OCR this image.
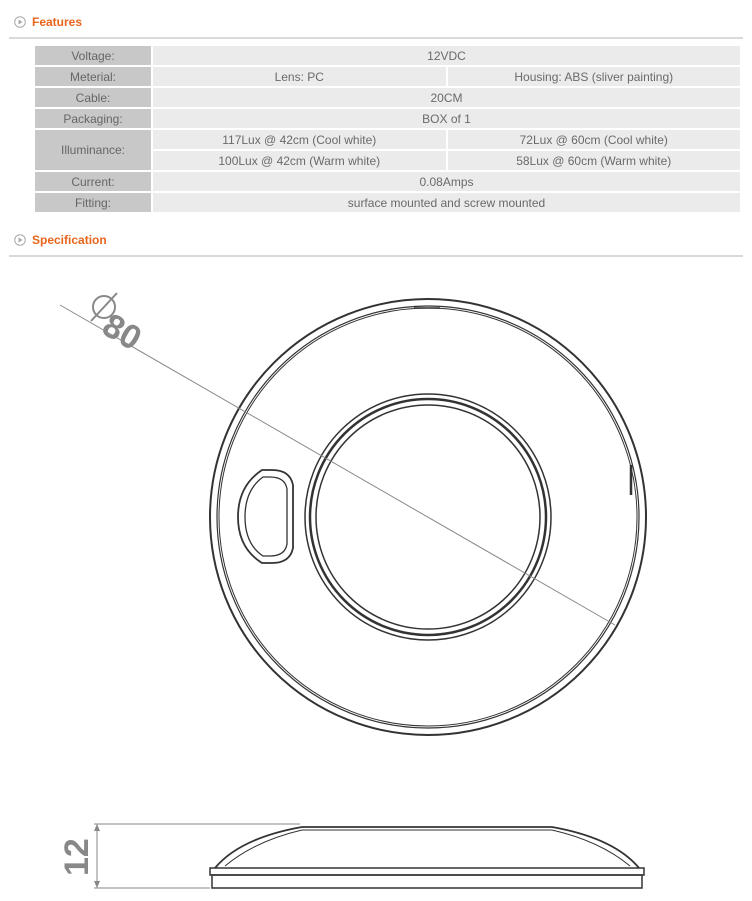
Features
Voltage:	12VDC	
Meterial:	Lens: PC	Housing: ABS (sliver painting)
Cable:	20CM	
Packaging:	BOX of 1	
Illuminance:	117Lux @ 42cm (Cool white)	72Lux @ 60cm (Cool white)
	100Lux @ 42cm (Warm white)	58Lux @ 60cm (Warm white)
Current:	0.08Amps	
Fitting:	surface mounted and screw mounted	
Specification
80
12
